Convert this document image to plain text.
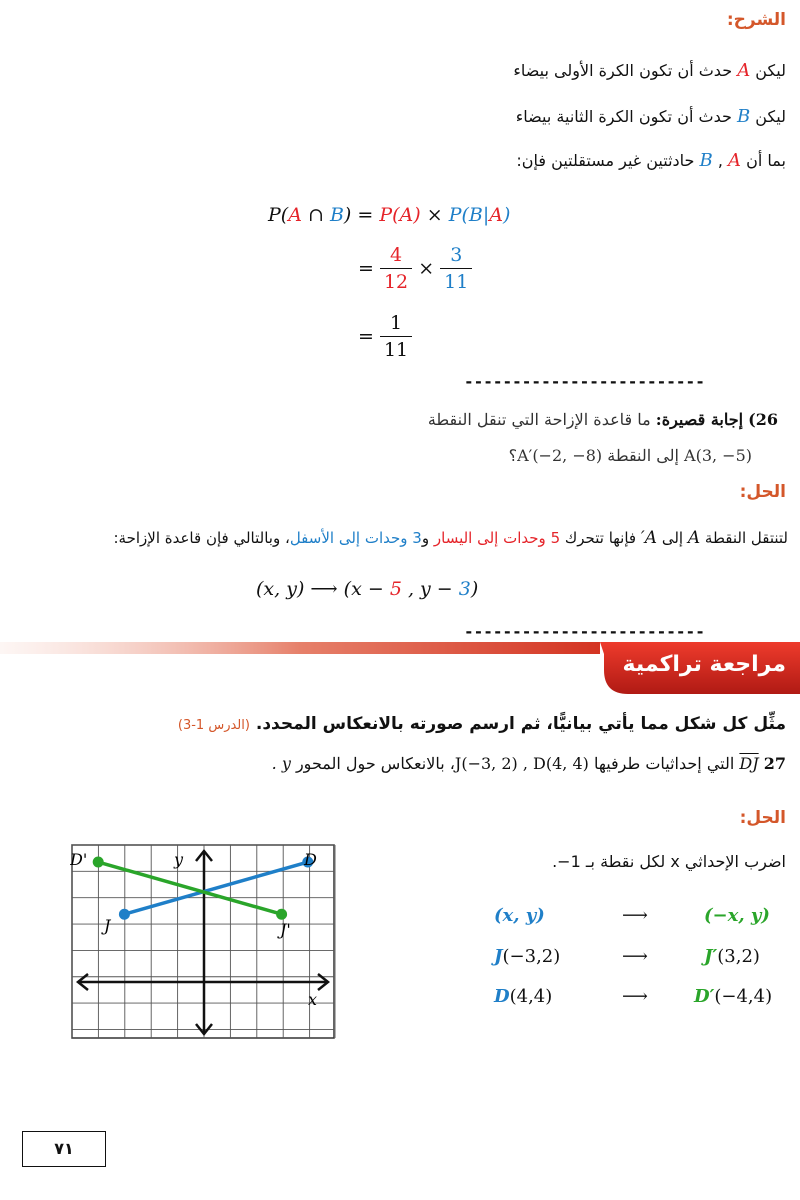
الشرح:
ليكن A حدث أن تكون الكرة الأولى بيضاء
ليكن B حدث أن تكون الكرة الثانية بيضاء
بما أن B , A حادثتين غير مستقلتين فإن:
P(A ∩ B) = P(A) × P(B|A)
= $\frac{4}{12} \times \frac{3}{11}$
= $\frac{1}{11}$
-------------------------
26) إجابة قصيرة: ما قاعدة الإزاحة التي تنقل النقطة
A(3, −5) إلى النقطة A′(−2, −8)؟
الحل:
لتنتقل النقطة A إلى A′ فإنها تتحرك 5 وحدات إلى اليسار و3 وحدات إلى الأسفل، وبالتالي فإن قاعدة الإزاحة:
(x, y) ⟶ (x − 5 , y − 3)
-------------------------
مراجعة تراكمية
مثِّل كل شكل مما يأتي بيانيًّا، ثم ارسم صورته بالانعكاس المحدد. (الدرس 1-3)
27 DJ التي إحداثيات طرفيها J(−3, 2) , D(4, 4)، بالانعكاس حول المحور y .
الحل:
اضرب الإحداثي x لكل نقطة بـ 1−.
(x, y)	⟶	(−x, y)
J(−3,2)	⟶	J′(3,2)
D(4,4)	⟶	D′(−4,4)
D'	D
J	J'
y
x
٧١
